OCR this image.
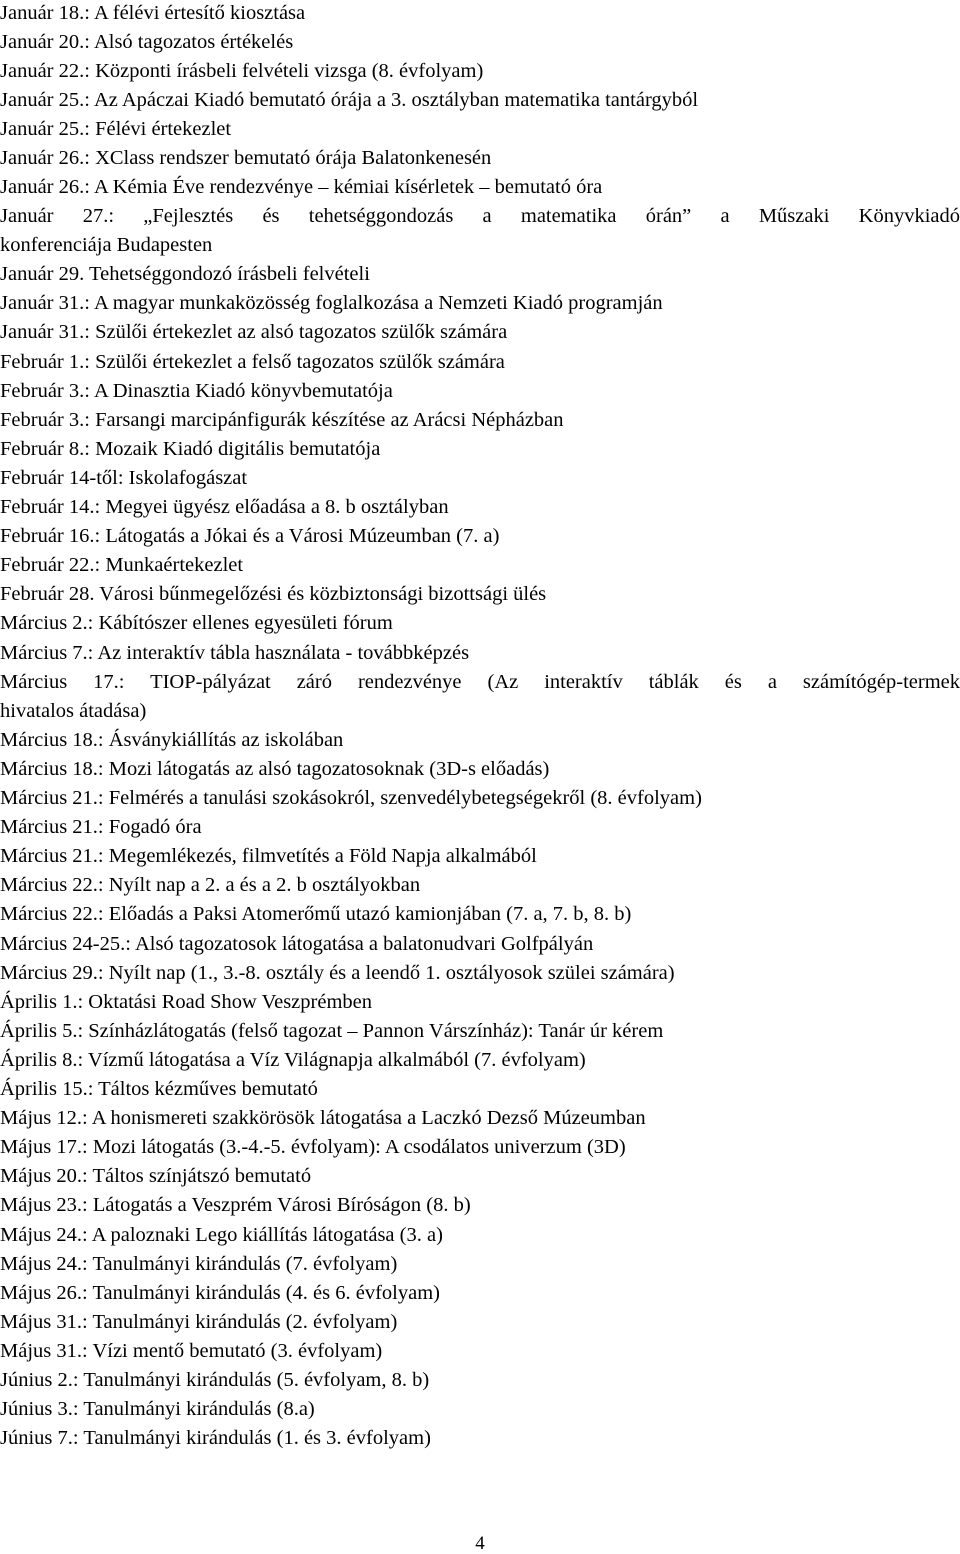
Január 18.: A félévi értesítő kiosztása
Január 20.: Alsó tagozatos értékelés
Január 22.: Központi írásbeli felvételi vizsga (8. évfolyam)
Január 25.: Az Apáczai Kiadó bemutató órája a 3. osztályban matematika tantárgyból
Január 25.: Félévi értekezlet
Január 26.: XClass rendszer bemutató órája Balatonkenesén
Január 26.: A Kémia Éve rendezvénye – kémiai kísérletek – bemutató óra
Január 27.: „Fejlesztés és tehetséggondozás a matematika órán” a Műszaki Könyvkiadó
konferenciája Budapesten
Január 29. Tehetséggondozó írásbeli felvételi
Január 31.: A magyar munkaközösség foglalkozása a Nemzeti Kiadó programján
Január 31.: Szülői értekezlet az alsó tagozatos szülők számára
Február 1.: Szülői értekezlet a felső tagozatos szülők számára
Február 3.: A Dinasztia Kiadó könyvbemutatója
Február 3.: Farsangi marcipánfigurák készítése az Arácsi Népházban
Február 8.: Mozaik Kiadó digitális bemutatója
Február 14-től: Iskolafogászat
Február 14.: Megyei ügyész előadása a 8. b osztályban
Február 16.: Látogatás a Jókai és a Városi Múzeumban (7. a)
Február 22.: Munkaértekezlet
Február 28. Városi bűnmegelőzési és közbiztonsági bizottsági ülés
Március 2.: Kábítószer ellenes egyesületi fórum
Március 7.: Az interaktív tábla használata - továbbképzés
Március 17.: TIOP-pályázat záró rendezvénye (Az interaktív táblák és a számítógép-termek
hivatalos átadása)
Március 18.: Ásványkiállítás az iskolában
Március 18.: Mozi látogatás az alsó tagozatosoknak (3D-s előadás)
Március 21.: Felmérés a tanulási szokásokról, szenvedélybetegségekről (8. évfolyam)
Március 21.: Fogadó óra
Március 21.: Megemlékezés, filmvetítés a Föld Napja alkalmából
Március 22.: Nyílt nap a 2. a és a 2. b osztályokban
Március 22.: Előadás a Paksi Atomerőmű utazó kamionjában (7. a, 7. b, 8. b)
Március 24-25.: Alsó tagozatosok látogatása a balatonudvari Golfpályán
Március 29.: Nyílt nap (1., 3.-8. osztály és a leendő 1. osztályosok szülei számára)
Április 1.: Oktatási Road Show Veszprémben
Április 5.: Színházlátogatás (felső tagozat – Pannon Várszínház): Tanár úr kérem
Április 8.: Vízmű látogatása a Víz Világnapja alkalmából (7. évfolyam)
Április 15.: Táltos kézműves bemutató
Május 12.: A honismereti szakkörösök látogatása a Laczkó Dezső Múzeumban
Május 17.: Mozi látogatás (3.-4.-5. évfolyam): A csodálatos univerzum (3D)
Május 20.: Táltos színjátszó bemutató
Május 23.: Látogatás a Veszprém Városi Bíróságon (8. b)
Május 24.: A paloznaki Lego kiállítás látogatása (3. a)
Május 24.: Tanulmányi kirándulás (7. évfolyam)
Május 26.: Tanulmányi kirándulás (4. és 6. évfolyam)
Május 31.: Tanulmányi kirándulás (2. évfolyam)
Május 31.: Vízi mentő bemutató (3. évfolyam)
Június 2.: Tanulmányi kirándulás (5. évfolyam, 8. b)
Június 3.: Tanulmányi kirándulás (8.a)
Június 7.: Tanulmányi kirándulás (1. és 3. évfolyam)
4
